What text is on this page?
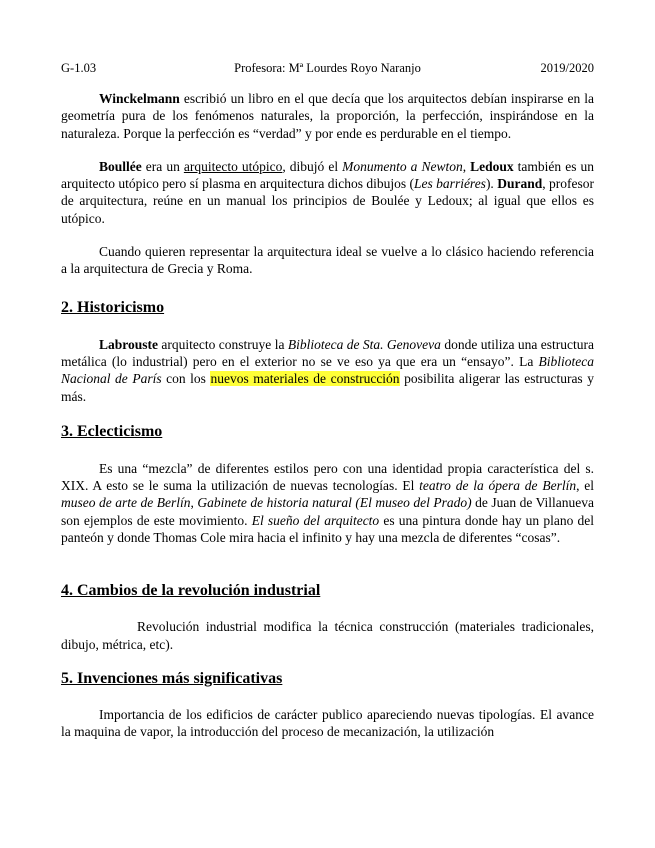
G-1.03	Profesora: Mª Lourdes Royo Naranjo	2019/2020

Winckelmann escribió un libro en el que decía que los arquitectos debían inspirarse en la geometría pura de los fenómenos naturales, la proporción, la perfección, inspirándose en la naturaleza. Porque la perfección es “verdad” y por ende es perdurable en el tiempo.

Boullée era un arquitecto utópico, dibujó el Monumento a Newton, Ledoux también es un arquitecto utópico pero sí plasma en arquitectura dichos dibujos (Les barriéres). Durand, profesor de arquitectura, reúne en un manual los principios de Boulée y Ledoux; al igual que ellos es utópico.

Cuando quieren representar la arquitectura ideal se vuelve a lo clásico haciendo referencia a la arquitectura de Grecia y Roma.

2. Historicismo

Labrouste arquitecto construye la Biblioteca de Sta. Genoveva donde utiliza una estructura metálica (lo industrial) pero en el exterior no se ve eso ya que era un “ensayo”. La Biblioteca Nacional de París con los nuevos materiales de construcción posibilita aligerar las estructuras y más.

3. Eclecticismo

Es una “mezcla” de diferentes estilos pero con una identidad propia característica del s. XIX. A esto se le suma la utilización de nuevas tecnologías. El teatro de la ópera de Berlín, el museo de arte de Berlín, Gabinete de historia natural (El museo del Prado) de Juan de Villanueva son ejemplos de este movimiento. El sueño del arquitecto es una pintura donde hay un plano del panteón y donde Thomas Cole mira hacia el infinito y hay una mezcla de diferentes “cosas”.

4. Cambios de la revolución industrial

Revolución industrial modifica la técnica construcción (materiales tradicionales, dibujo, métrica, etc).

5. Invenciones más significativas

Importancia de los edificios de carácter publico apareciendo nuevas tipologías. El avance la maquina de vapor, la introducción del proceso de mecanización, la utilización
